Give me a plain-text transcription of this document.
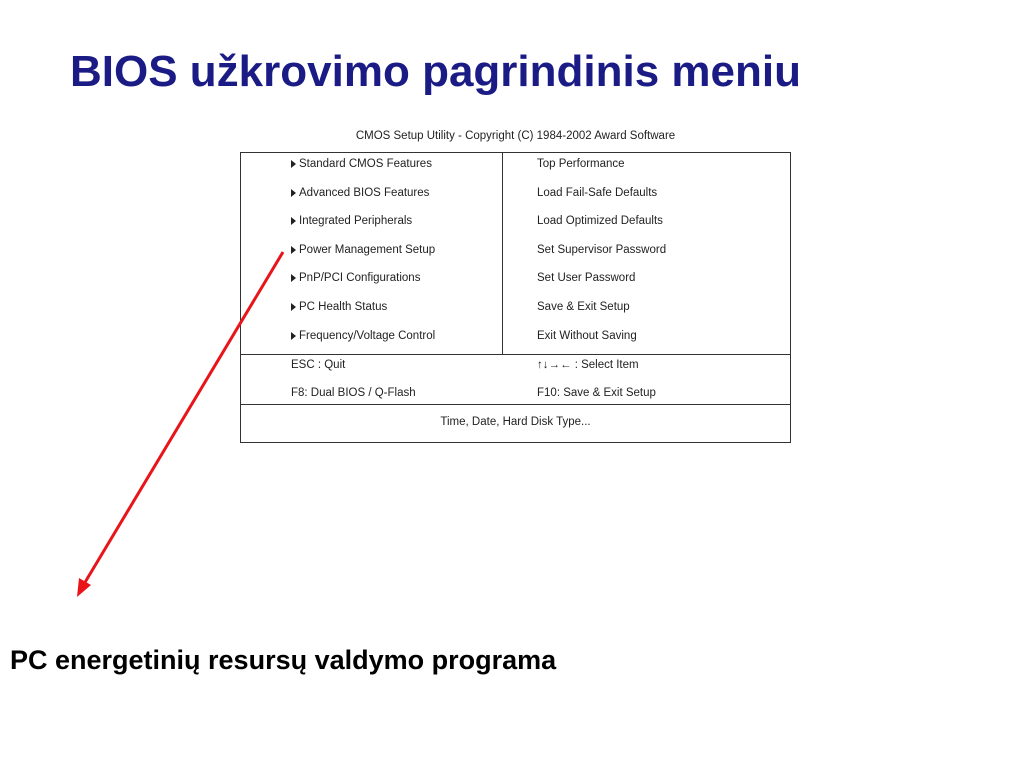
BIOS užkrovimo pagrindinis meniu
CMOS Setup Utility - Copyright (C) 1984-2002 Award Software
Standard CMOS Features
Advanced BIOS Features
Integrated Peripherals
Power Management Setup
PnP/PCI Configurations
PC Health Status
Frequency/Voltage Control
Top Performance
Load Fail-Safe Defaults
Load Optimized Defaults
Set Supervisor Password
Set User Password
Save & Exit Setup
Exit Without Saving
ESC : Quit	↑↓→← : Select Item
F8: Dual BIOS / Q-Flash	F10: Save & Exit Setup
Time, Date, Hard Disk Type...

PC energetinių resursų valdymo programa
